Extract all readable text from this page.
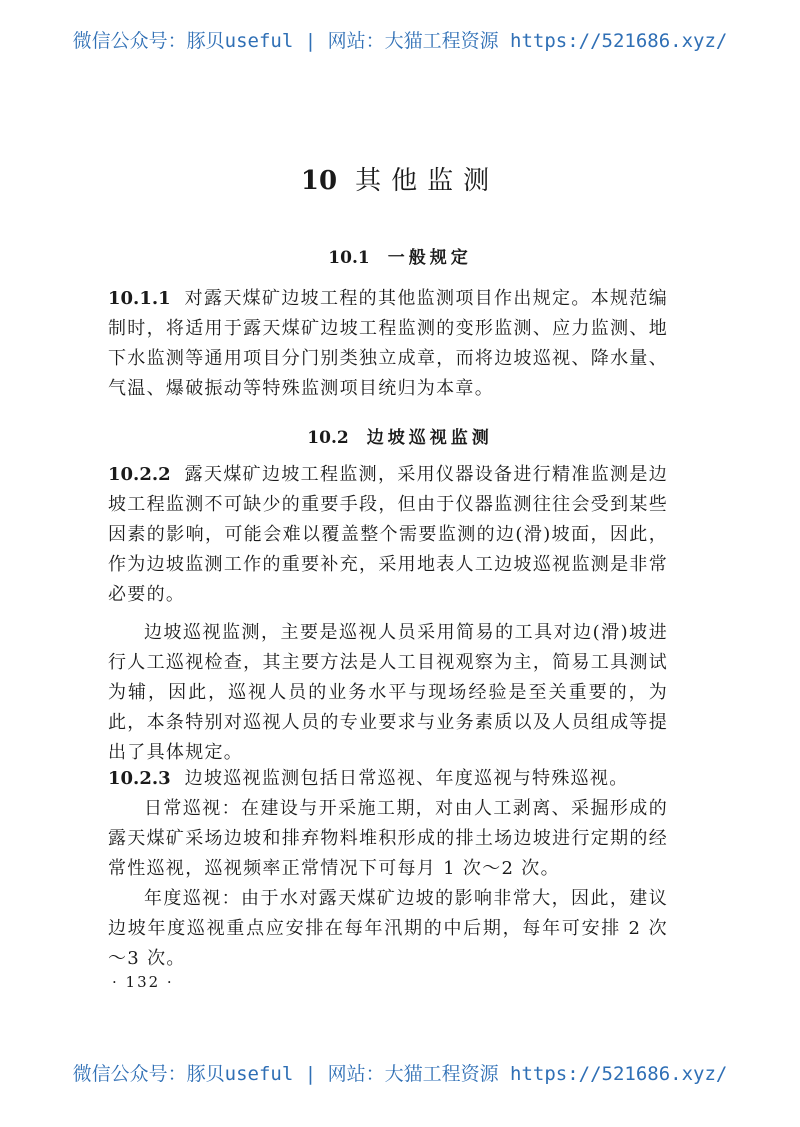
微信公众号：豚贝useful | 网站：大猫工程资源 https://521686.xyz/
10 其他监测
10.1 一般规定

10.1.1 对露天煤矿边坡工程的其他监测项目作出规定。本规范编制时，将适用于露天煤矿边坡工程监测的变形监测、应力监测、地下水监测等通用项目分门别类独立成章，而将边坡巡视、降水量、气温、爆破振动等特殊监测项目统归为本章。

10.2 边坡巡视监测

10.2.2 露天煤矿边坡工程监测，采用仪器设备进行精准监测是边坡工程监测不可缺少的重要手段，但由于仪器监测往往会受到某些因素的影响，可能会难以覆盖整个需要监测的边(滑)坡面，因此，作为边坡监测工作的重要补充，采用地表人工边坡巡视监测是非常必要的。

边坡巡视监测，主要是巡视人员采用简易的工具对边(滑)坡进行人工巡视检查，其主要方法是人工目视观察为主，简易工具测试为辅，因此，巡视人员的业务水平与现场经验是至关重要的，为此，本条特别对巡视人员的专业要求与业务素质以及人员组成等提出了具体规定。

10.2.3 边坡巡视监测包括日常巡视、年度巡视与特殊巡视。

日常巡视：在建设与开采施工期，对由人工剥离、采掘形成的露天煤矿采场边坡和排弃物料堆积形成的排土场边坡进行定期的经常性巡视，巡视频率正常情况下可每月 1 次～2 次。

年度巡视：由于水对露天煤矿边坡的影响非常大，因此，建议边坡年度巡视重点应安排在每年汛期的中后期，每年可安排 2 次～3 次。

· 132 ·
微信公众号：豚贝useful | 网站：大猫工程资源 https://521686.xyz/
